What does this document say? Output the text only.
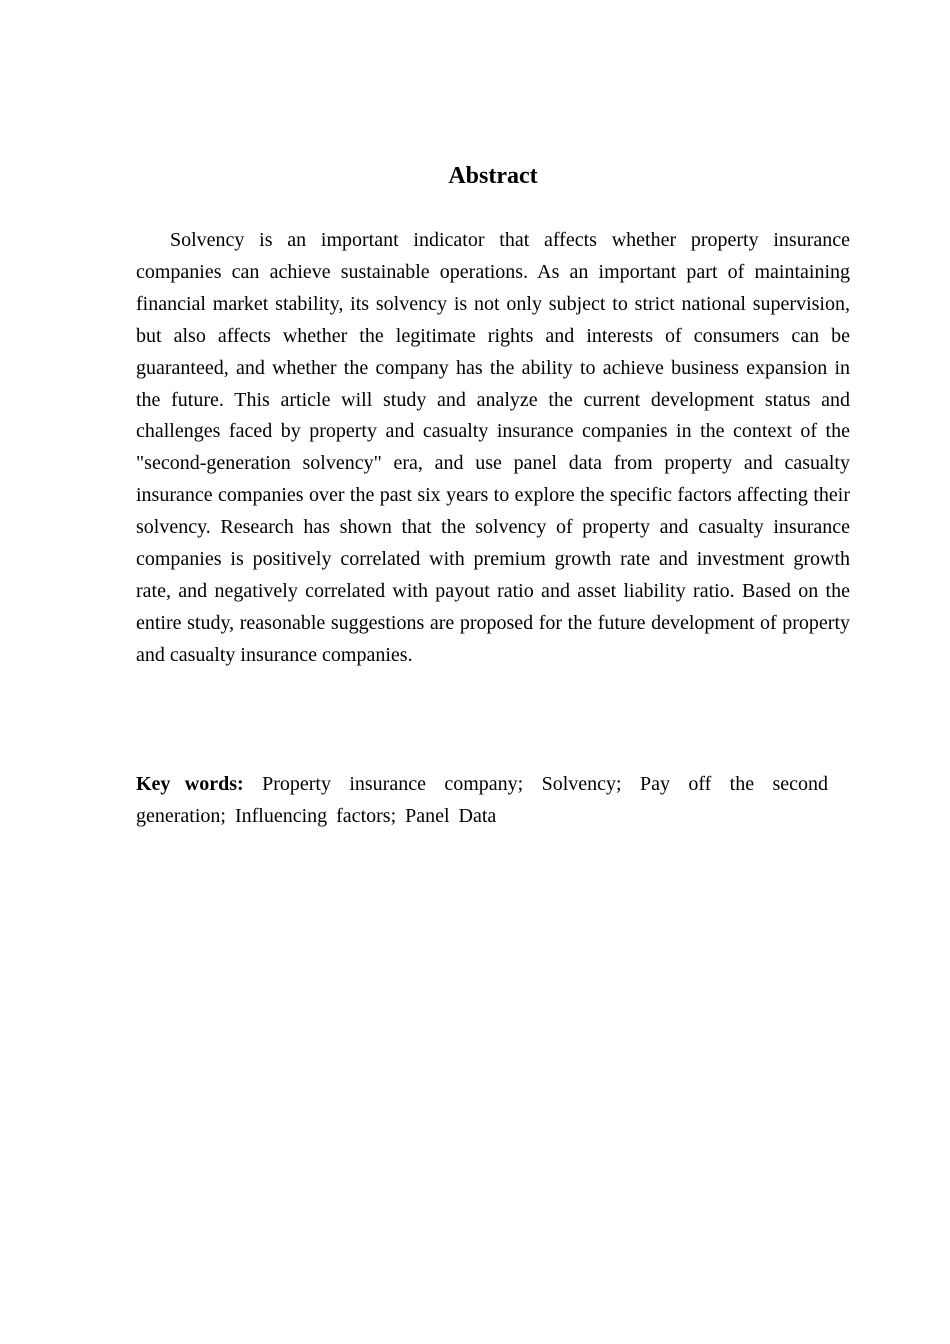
Abstract

Solvency is an important indicator that affects whether property insurance companies can achieve sustainable operations. As an important part of maintaining financial market stability, its solvency is not only subject to strict national supervision, but also affects whether the legitimate rights and interests of consumers can be guaranteed, and whether the company has the ability to achieve business expansion in the future. This article will study and analyze the current development status and challenges faced by property and casualty insurance companies in the context of the "second-generation solvency" era, and use panel data from property and casualty insurance companies over the past six years to explore the specific factors affecting their solvency. Research has shown that the solvency of property and casualty insurance companies is positively correlated with premium growth rate and investment growth rate, and negatively correlated with payout ratio and asset liability ratio. Based on the entire study, reasonable suggestions are proposed for the future development of property and casualty insurance companies.

Key words: Property insurance company; Solvency; Pay off the second generation; Influencing factors; Panel Data
